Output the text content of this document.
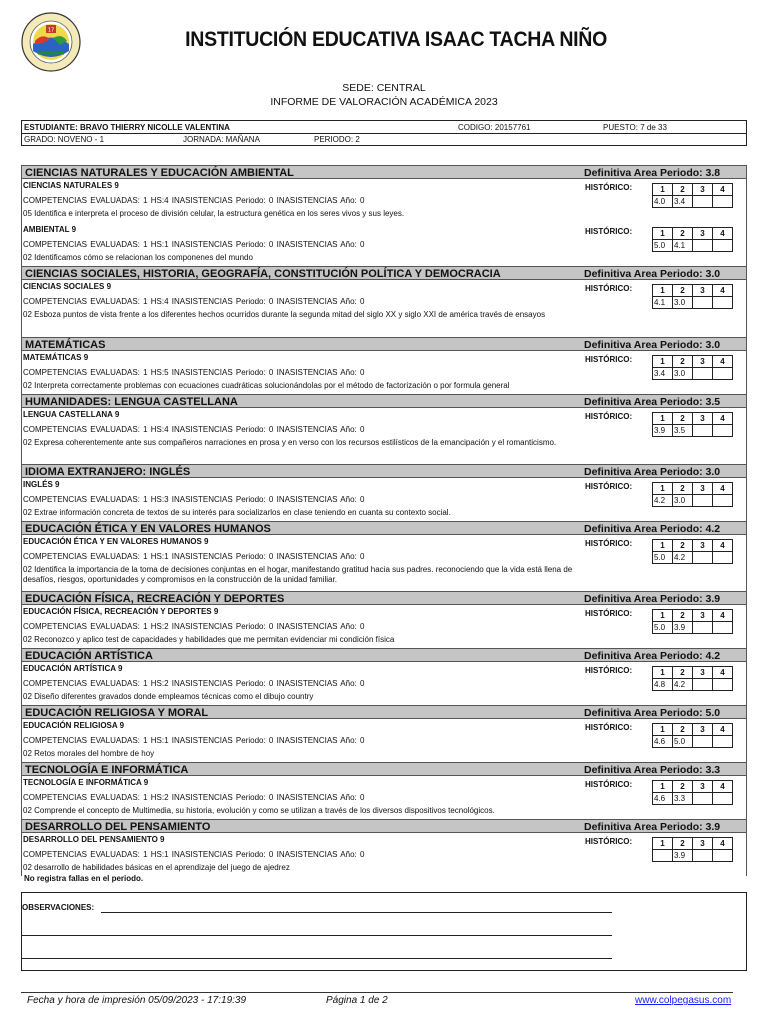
17	INSTITUCIÓN EDUCATIVA ISAAC TACHA NIÑO
SEDE: CENTRAL
INFORME DE VALORACIÓN ACADÉMICA 2023
ESTUDIANTE: BRAVO THIERRY NICOLLE VALENTINA	CODIGO: 20157761	PUESTO: 7 de 33
GRADO: NOVENO - 1	JORNADA: MAÑANA	PERIODO: 2
CIENCIAS NATURALES Y EDUCACIÓN AMBIENTAL	Definitiva Area Periodo: 3.8
CIENCIAS NATURALES 9
COMPETENCIAS EVALUADAS: 1 HS:4 INASISTENCIAS Periodo: 0 INASISTENCIAS Año: 0
05 Identifica e interpreta el proceso de división celular, la estructura genética en los seres vivos y sus leyes.
HISTÓRICO:	1	2	3	4
4.0	3.4		
AMBIENTAL 9
COMPETENCIAS EVALUADAS: 1 HS:1 INASISTENCIAS Periodo: 0 INASISTENCIAS Año: 0
02 Identificamos cómo se relacionan los componenes del mundo
HISTÓRICO:	1	2	3	4
5.0	4.1		
CIENCIAS SOCIALES, HISTORIA, GEOGRAFÍA, CONSTITUCIÓN POLÍTICA Y DEMOCRACIA	Definitiva Area Periodo: 3.0
CIENCIAS SOCIALES 9
COMPETENCIAS EVALUADAS: 1 HS:4 INASISTENCIAS Periodo: 0 INASISTENCIAS Año: 0
02 Esboza puntos de vista frente a los diferentes hechos ocurridos durante la segunda mitad del siglo XX y siglo XXI de américa través de ensayos
HISTÓRICO:	1	2	3	4
4.1	3.0		
MATEMÁTICAS	Definitiva Area Periodo: 3.0
MATEMÁTICAS 9
COMPETENCIAS EVALUADAS: 1 HS:5 INASISTENCIAS Periodo: 0 INASISTENCIAS Año: 0
02 Interpreta correctamente problemas con ecuaciones cuadráticas solucionándolas por el método de factorización o por formula general
HISTÓRICO:	1	2	3	4
3.4	3.0		
HUMANIDADES: LENGUA CASTELLANA	Definitiva Area Periodo: 3.5
LENGUA CASTELLANA 9
COMPETENCIAS EVALUADAS: 1 HS:4 INASISTENCIAS Periodo: 0 INASISTENCIAS Año: 0
02 Expresa coherentemente ante sus compañeros narraciones en prosa y en verso con los recursos estilísticos de la emancipación y el romanticismo.
HISTÓRICO:	1	2	3	4
3.9	3.5		
IDIOMA EXTRANJERO: INGLÉS	Definitiva Area Periodo: 3.0
INGLÉS 9
COMPETENCIAS EVALUADAS: 1 HS:3 INASISTENCIAS Periodo: 0 INASISTENCIAS Año: 0
02 Extrae información concreta de textos de su interés para socializarlos en clase teniendo en cuanta su contexto social.
HISTÓRICO:	1	2	3	4
4.2	3.0		
EDUCACIÓN ÉTICA Y EN VALORES HUMANOS	Definitiva Area Periodo: 4.2
EDUCACIÓN ÉTICA Y EN VALORES HUMANOS 9
COMPETENCIAS EVALUADAS: 1 HS:1 INASISTENCIAS Periodo: 0 INASISTENCIAS Año: 0
02 Identifica la importancia de la toma de decisiones conjuntas en el hogar, manifestando gratitud hacia sus padres. reconociendo que la vida está llena de desafíos, riesgos, oportunidades y compromisos en la construcción de la unidad familiar.
HISTÓRICO:	1	2	3	4
5.0	4.2		
EDUCACIÓN FÍSICA, RECREACIÓN Y DEPORTES	Definitiva Area Periodo: 3.9
EDUCACIÓN FÍSICA, RECREACIÓN Y DEPORTES 9
COMPETENCIAS EVALUADAS: 1 HS:2 INASISTENCIAS Periodo: 0 INASISTENCIAS Año: 0
02 Reconozco y aplico test de capacidades y habilidades que me permitan evidenciar mi condición física
HISTÓRICO:	1	2	3	4
5.0	3.9		
EDUCACIÓN ARTÍSTICA	Definitiva Area Periodo: 4.2
EDUCACIÓN ARTÍSTICA 9
COMPETENCIAS EVALUADAS: 1 HS:2 INASISTENCIAS Periodo: 0 INASISTENCIAS Año: 0
02 Diseño diferentes gravados donde empleamos técnicas como el dibujo country
HISTÓRICO:	1	2	3	4
4.8	4.2		
EDUCACIÓN RELIGIOSA Y MORAL	Definitiva Area Periodo: 5.0
EDUCACIÓN RELIGIOSA 9
COMPETENCIAS EVALUADAS: 1 HS:1 INASISTENCIAS Periodo: 0 INASISTENCIAS Año: 0
02 Retos morales del hombre de hoy
HISTÓRICO:	1	2	3	4
4.6	5.0		
TECNOLOGÍA E INFORMÁTICA	Definitiva Area Periodo: 3.3
TECNOLOGÍA E INFORMÁTICA 9
COMPETENCIAS EVALUADAS: 1 HS:2 INASISTENCIAS Periodo: 0 INASISTENCIAS Año: 0
02 Comprende el concepto de Multimedia, su historia, evolución y como se utilizan a través de los diversos dispositivos tecnológicos.
HISTÓRICO:	1	2	3	4
4.6	3.3		
DESARROLLO DEL PENSAMIENTO	Definitiva Area Periodo: 3.9
DESARROLLO DEL PENSAMIENTO 9
COMPETENCIAS EVALUADAS: 1 HS:1 INASISTENCIAS Periodo: 0 INASISTENCIAS Año: 0
02 desarrollo de habilidades básicas en el aprendizaje del juego de ajedrez
HISTÓRICO:	1	2	3	4
	3.9		
No registra fallas en el periodo.
OBSERVACIONES:
Fecha y hora de impresión 05/09/2023 - 17:19:39	Página 1 de 2	www.colpegasus.com
